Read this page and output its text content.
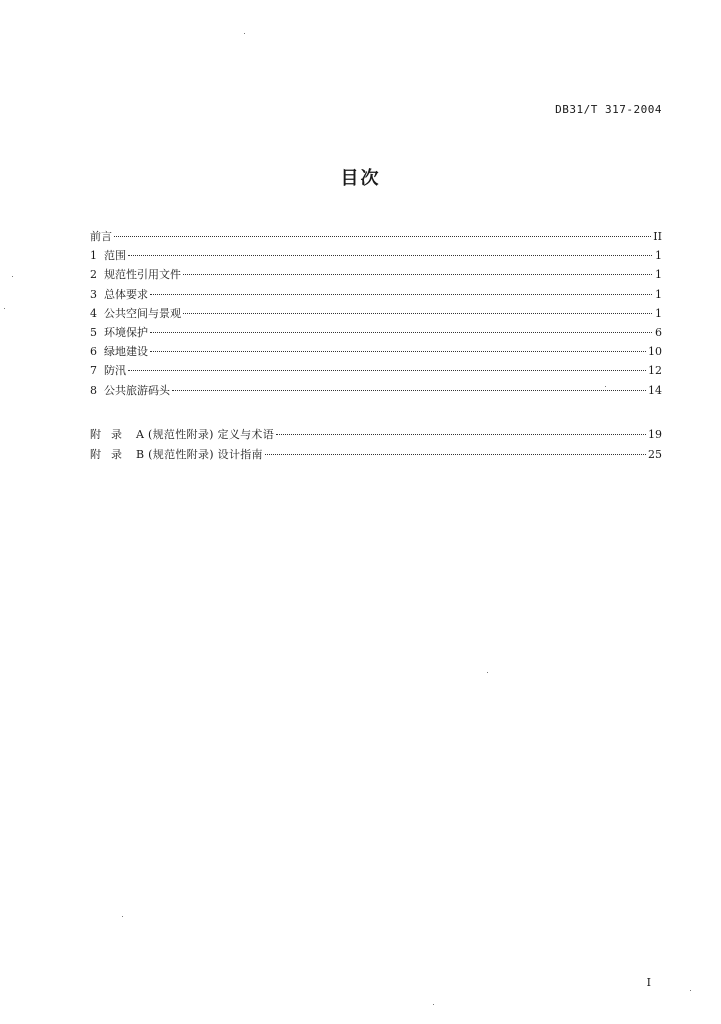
DB31/T 317-2004
目次
前言	II
1 范围	1
2 规范性引用文件	1
3 总体要求	1
4 公共空间与景观	1
5 环境保护	6
6 绿地建设	10
7 防汛	12
8 公共旅游码头	14
附录 A (规范性附录) 定义与术语	19
附录 B (规范性附录) 设计指南	25
I
